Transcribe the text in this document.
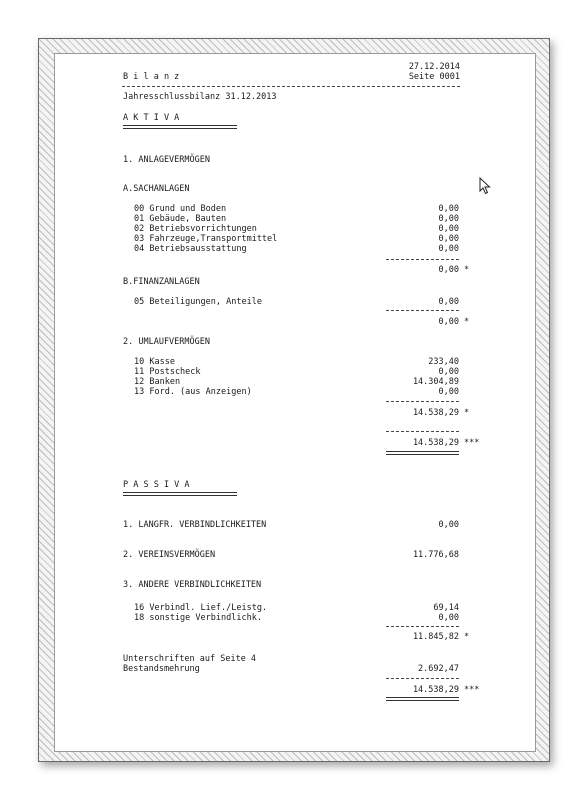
27.12.2014
B i l a n z	Seite 0001
Jahresschlussbilanz 31.12.2013
A K T I V A
1. ANLAGEVERMÖGEN
A.SACHANLAGEN
00 Grund und Boden	0,00
01 Gebäude, Bauten	0,00
02 Betriebsvorrichtungen	0,00
03 Fahrzeuge,Transportmittel	0,00
04 Betriebsausstattung	0,00
0,00 *
B.FINANZANLAGEN
05 Beteiligungen, Anteile	0,00
0,00 *
2. UMLAUFVERMÖGEN
10 Kasse	233,40
11 Postscheck	0,00
12 Banken	14.304,89
13 Ford. (aus Anzeigen)	0,00
14.538,29 *
14.538,29 ***
P A S S I V A
1. LANGFR. VERBINDLICHKEITEN	0,00
2. VEREINSVERMÖGEN	11.776,68
3. ANDERE VERBINDLICHKEITEN
16 Verbindl. Lief./Leistg.	69,14
18 sonstige Verbindlichk.	0,00
11.845,82 *
Unterschriften auf Seite 4
Bestandsmehrung	2.692,47
14.538,29 ***
